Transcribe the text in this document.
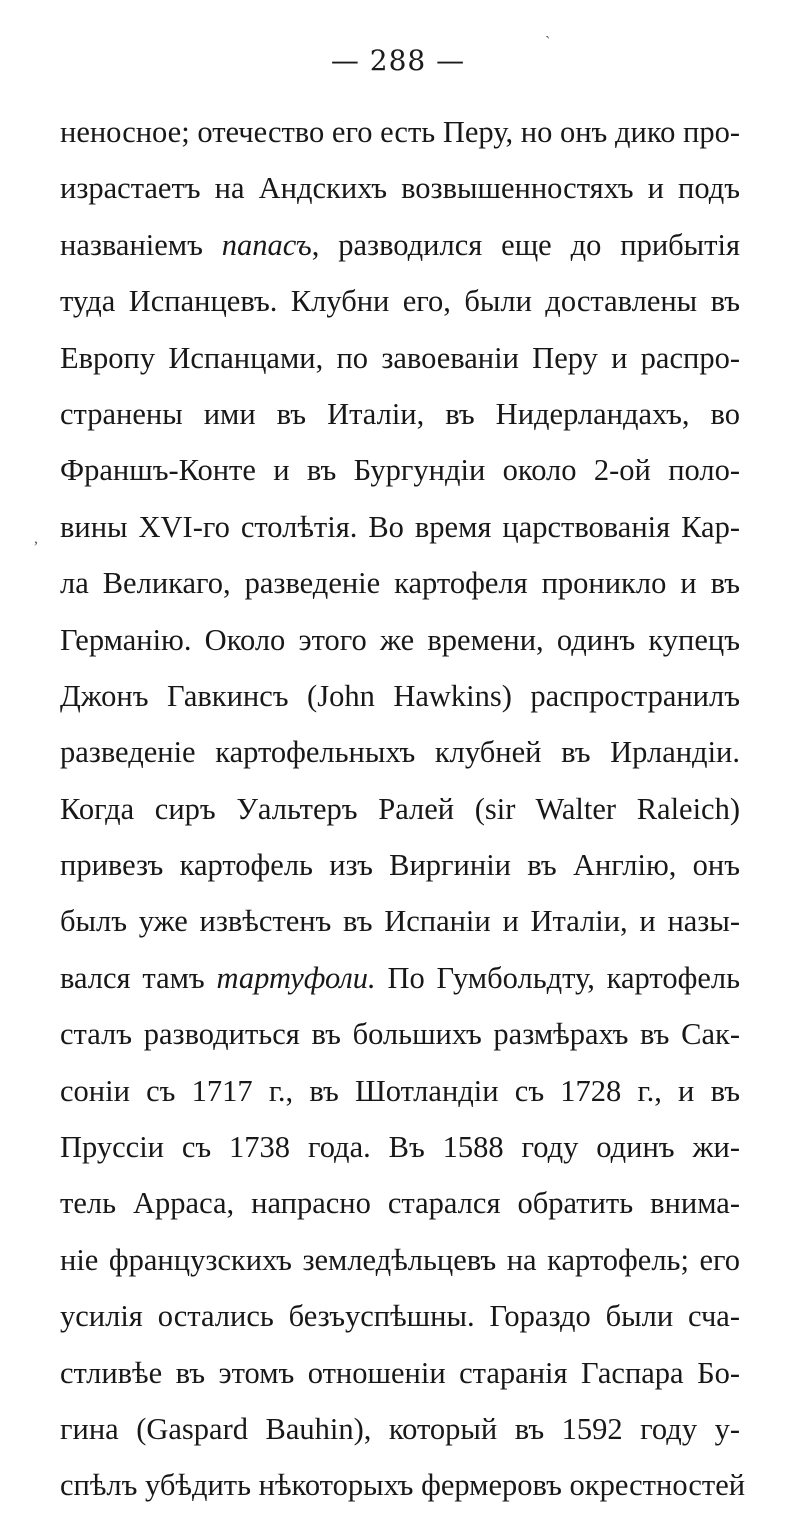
— 288 —
`
,
неносное; отечество его есть Перу, но онъ дико про-
израстаетъ на Андскихъ возвышенностяхъ и подъ
названіемъ папасъ, разводился еще до прибытія
туда Испанцевъ. Клубни его, были доставлены въ
Европу Испанцами, по завоеваніи Перу и распро-
странены ими въ Италіи, въ Нидерландахъ, во
Франшъ-Конте и въ Бургундіи около 2-ой поло-
вины XVI-го столѣтія. Во время царствованія Кар-
ла Великаго, разведеніе картофеля проникло и въ
Германію. Около этого же времени, одинъ купецъ
Джонъ Гавкинсъ (John Hawkins) распространилъ
разведеніе картофельныхъ клубней въ Ирландіи.
Когда сиръ Уальтеръ Ралей (sir Walter Raleich)
привезъ картофель изъ Виргиніи въ Англію, онъ
былъ уже извѣстенъ въ Испаніи и Италіи, и назы-
вался тамъ тартуфоли. По Гумбольдту, картофель
сталъ разводиться въ большихъ размѣрахъ въ Сак-
соніи съ 1717 г., въ Шотландіи съ 1728 г., и въ
Пруссіи съ 1738 года. Въ 1588 году одинъ жи-
тель Арраса, напрасно старался обратить внима-
ніе французскихъ земледѣльцевъ на картофель; его
усилія остались безъуспѣшны. Гораздо были сча-
стливѣе въ этомъ отношеніи старанія Гаспара Бо-
гина (Gaspard Bauhin), который въ 1592 году у-
спѣлъ убѣдить нѣкоторыхъ фермеровъ окрестностей
